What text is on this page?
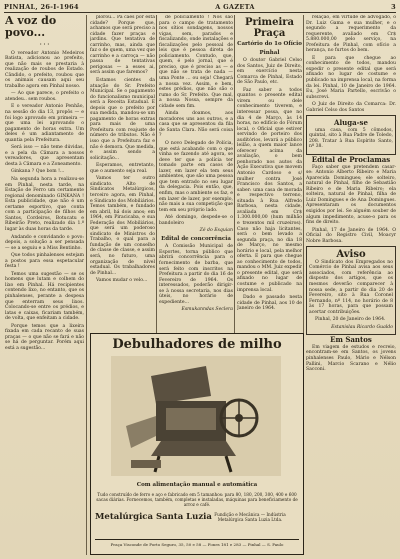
PINHAL, 26-I-1964	A GAZETA	3
A voz do povo...
· · ·

O vereador Antonio Medeiros Batista, adicionou ao prefeito, que não mais se prestaria à realização de roubos de Estado. Cândido, o prefeito, roubou que os animais causam aqui seu trabalho agora em Pinhal nosso.

— Ao que parece, o prefeito o atendeu.. sem roubos.

E o vereador Antonio Penhão, na sessão do dia 13, propôs — e foi logo aprovado em primeira — que uma lei aprovando o pagamento de horas extra. Um deles é um adiantamento de quantia pela Prefeitura.

Será isso — não teme dúvidas, e a pela da Câmara a nossos vereadores, que apresentam desta à Câmara e a Zoneamento.

Ginkana ? Que bom !...

Na segunda hora a realizou-se em Pinhal, nesta tarde, na Estação de Ferro um certamente regional denominado GINKANA ! Esta publicidade, que não é um certame esportivo, que conta com a participação de filhos de Santos, Cordeiros, Botucatu e Ribeirão Preto, realizado dia 1.º lugar às duas horas da tarde.

Andando e convidando o povo: depois, a solução a ser pensada — se a seguiu e a Miss Bentinho.

Que todos pinhalenses estejam a postos para essa espetacular festa !

Temos uma sugestão — se os homens que lutam e colhem do lixo em Pinhal. Há recipientes contendo lixo, no entanto, que os pinhalenses, perante a despesa que enterram seus lixos. Colocando-se entre os prédios, e latas e caixas, ficariam também, de volta, que enfeitam a cidade.

Porque temos que a lixeira fixada em cada recanto de suas praças — o que não se fará e não se há de perguntar. Porém aqui está a sugestão...

plorou... Pá cães por esta cidade? Porque que, achamos que será preciso a cidade fazer praças e jardins. Que tentativa de carrinho, mas, ainda que faz o de quem, uma vez que carrinho e a carroça — não passa de tentativas perigosas — a esses ai, será assim que faremos?

Estamos cientes da atuação do Sr. Prefeito Municipal. Se o pagamento do funcionalismo municipal será a Receita Estadual. E depois que o prefeito por sua medida, mandou-se um pagamento de horas extras para mais de uma Prefeitura com reajuste de número de tributos. Não é isso que a Prefeitura faz e não é demora. Que medida, e assim sendo a solicitação...

Esperamos, entretanto, que o aumento seja real.

Vamos ter outro sindicato. Alto de Sindicatos Metalúrgicos, terceiro agora, em Pinhal, e Sindicato dos Mobiliários. Temos também, e fundado em abril, há dois anos; em 1964, em Piracicaba, e sua Federação dos Mobiliários, que será um poderoso sindicato de Ministros do Trabalho, o qual para a fundação de um conselho de classe de classe, e assim será, no futuro, uma organização de nível estadual. Os trabalhadores de Pinhal...

Vamos mudar o velo...

de policiamento ! Nos são para o campo de tratamento nos sítios sondagens, nossos vigas, sem, parados e fiscalizando, onde instalações e fiscalizações pelo pessoal de leis que é pessoa direta de policiamento. Contudo, que, quem, é pelo jornal, que é preciso, que é preciso as — e que não se trata de nada — uma Ponte ... ou seja! Chegará a nossa vez. Assim, e bem, estes prédios, que não são o rumo do Sr. Prefeito. Que mal, a nossa Nossa, sempre da cidade sem fim.

Ainda doamos, aos moradores uns aos outros, e a casa que se apresentou da fila de Santa Clara. Não será coisa ?

O novo Delegado de Polícia, que está acabando com o que vinha se fazendo até agora, se deve ter que a polícia ter tomado parte em casos de lazer, em lazer ela tem seus ambientes, que são uma pessoa que tem entrado no seu lugar da delegacia. Pois então, que, enfim, mas o ambiente os faz, e em lazer de lazer, por exemplo, não mais a sua competição que tem em seu próprio lado.

Até domingo, despede-se o bandoleiro

Zé do Esquian

Edital de concorrência

A Comissão Municipal de Esportes, torna público que abrirá concorrência para o fornecimento de barba, que será feito com inscritos na Prefeitura a partir do dia 16 de Fevereiro de 1964. Os interessados, poderão dirigir-se à nossa secretaria, nos dias úteis, no horário de expediente...

Esmukanndas Seclera

Primeira Praça
Cartório do 1o Ofício
Pinhal

O doutor Gabriel Celso dos Santos, Juiz de Direito, em exercício nesta Comarca de Pinhal, Estado de São Paulo, etc.

Faz saber a todos quantos o presente edital virem ou dele conhecimento tiverem, e interessar possa, que no dia 4 de Março, às 14 horas, no edifício do Fórum local, o Oficial que estiver servindo de porteiro dos auditórios, levará a público leilão, a quem maior lance oferecer acima da avaliação, o bem penhorado nos autos da Ação Executiva que movem Antonio Cardoso e s/ mulher contra José Francisco dos Santos, a saber: uma casa de morada e respectivo terreno, situada à Rua Alfredo Barbosa, nesta cidade, avaliada em Cr$ 1.300.000,00 (hum milhão e trezentos mil cruzeiros). Caso não haja licitantes, será o bem levado a segunda praça, no dia 18 de Março, no mesmo horário e local, pela melhor oferta. E para que chegue ao conhecimento de todos, mandou o MM. Juiz expedir o presente edital, que será afixado no lugar de costume e publicado na imprensa local.

Dado e passado nesta cidade de Pinhal, aos 10 de Janeiro de 1964.

relação, em virtude de advogado, o Dr. Luiz Gama e sua mulher, e o segundo a requerimento da requerente, avaliado em Cr$ 5.880.000,00 pelo serviço, na Prefeitura de Pinhal, com ofício a herança, no furtos do bem.

E para que chegue ao conhecimento de todos, mandou expedir o presente edital que será afixado no lugar de costume e publicado na imprensa local, na forma da lei. Pinhal, 10 de Janeiro de 1964. Eu, José Maria Partello, escrivão o subscrevi.

O Juiz de Direito da Comarca: Dr. Gabriel Celso dos Santos

Aluga-se

uma casa, com 5 cômodos, quintal, sito à Rua Padre de Toledo, 208. Tratar à Rua Espírito Santo, nº 38.

Edital de Proclamas

Faço saber que pretendem casar-se: Antonio Alberto Ribeiro e Maria Aparecida Domingues; ele solteiro, natural de Pinhal, filho de Sebastião Ribeiro e de Maria Ribeiro; ela solteira, natural de Pinhal, filha de Luiz Domingues e de Ana Domingues. Apresentaram os documentos exigidos por lei. Se alguém souber de algum impedimento, acuse-o para os fins de direito.

Pinhal, 17 de Janeiro de 1964. O Oficial do Registro Civil, Moacyr Nobre Barbosa.

Aviso

O Sindicato dos Empregados no Comércio de Pinhal avisa aos seus associados, com referência ao disposto dos artigos, que os mesmos deverão comparecer à nossa sede, a partir do dia 20 de Fevereiro, sito à Rua Coronel Fernando, nº 114, no horário de 8 às 17 horas, para que possam acertar contribuições.

Pinhal, 20 de Janeiro de 1964.

Estanislau Ricardo Gualdo

Em Santos

Em viagem de estudos e recreio, encontram-se em Santos, os jovens pinhalenses Paulo, Mário e Nélson Pallini, Marcio Scarano e Nélio Sacconi.

Debulhadores de milho
Com alimentação manual e automática
Tudo construído de ferro e aço e fabricado em 5 tamanhos: para 80, 180, 200, 300, 400 e 600 sacas diárias. Fornecemos, também, completas e instaladas, máquinas para beneficiamento de arroz e café.
Metalúrgica Santa Luzia Fundição e Mecânica — Indústria Metalúrgica Santa Luzia Ltda.
Praça Visconde de Porto Seguro, 35, 50 e 58 — Fones 181 e 283 — Pinhal — S. Paulo
